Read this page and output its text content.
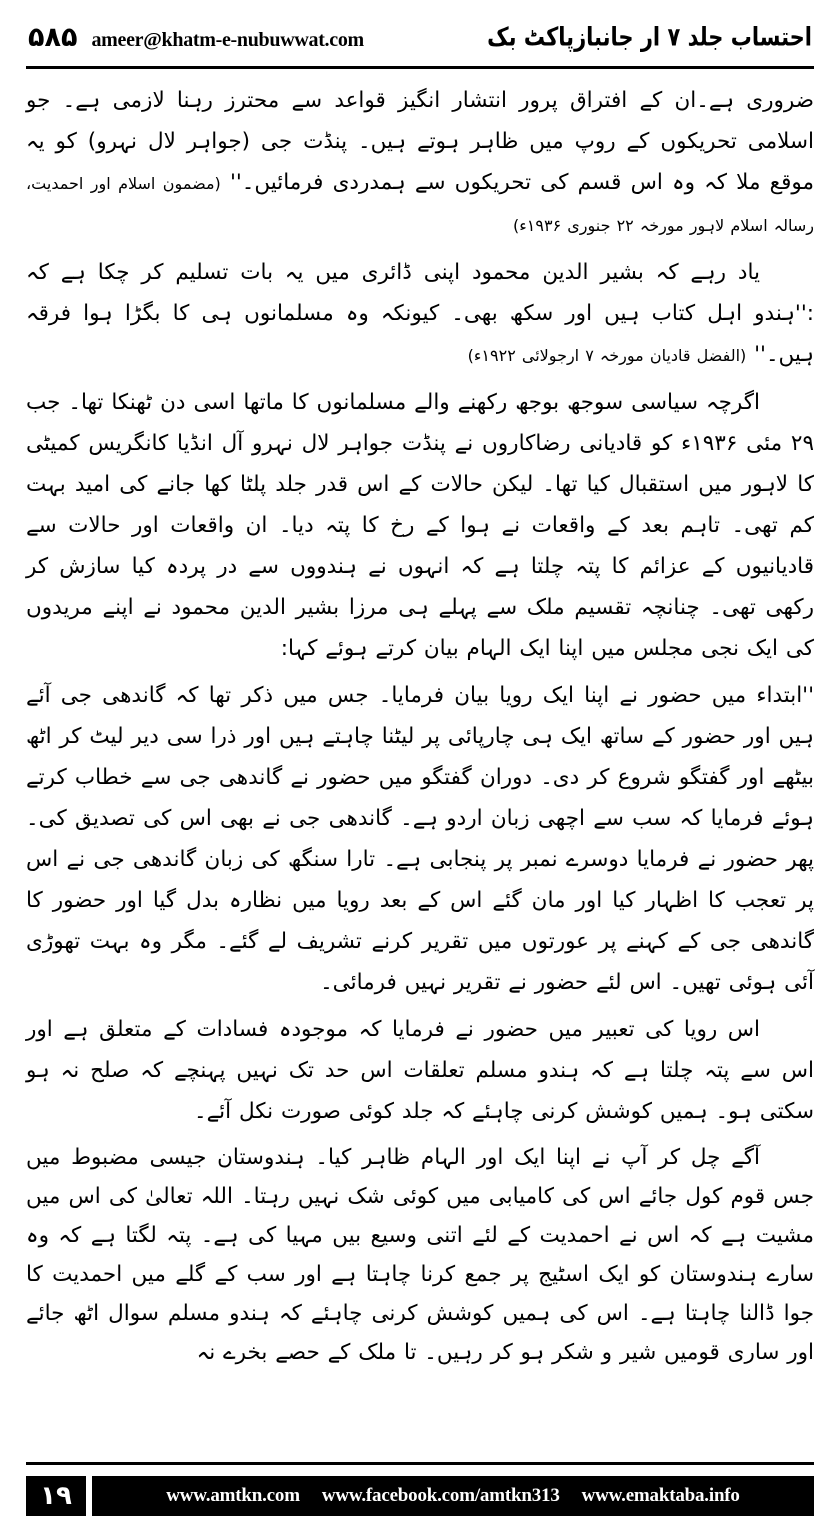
احتساب جلد ۷ ار جانبازپاکٹ بک
۵۸۵ ameer@khatm-e-nubuwwat.com

ضروری ہے۔ان کے افتراق پرور انتشار انگیز قواعد سے محترز رہنا لازمی ہے۔ جو اسلامی تحریکوں کے روپ میں ظاہر ہوتے ہیں۔ پنڈت جی (جواہر لال نہرو) کو یہ موقع ملا کہ وہ اس قسم کی تحریکوں سے ہمدردی فرمائیں۔'' (مضمون اسلام اور احمدیت، رسالہ اسلام لاہور مورخہ ۲۲ جنوری ۱۹۳۶ء)

یاد رہے کہ بشیر الدین محمود اپنی ڈائری میں یہ بات تسلیم کر چکا ہے کہ :''ہندو اہل کتاب ہیں اور سکھ بھی۔ کیونکہ وہ مسلمانوں ہی کا بگڑا ہوا فرقہ ہیں۔'' (الفضل قادیان مورخہ ۷ ارجولائی ۱۹۲۲ء)

اگرچہ سیاسی سوجھ بوجھ رکھنے والے مسلمانوں کا ماتھا اسی دن ٹھنکا تھا۔ جب ۲۹ مئی ۱۹۳۶ء کو قادیانی رضاکاروں نے پنڈت جواہر لال نہرو آل انڈیا کانگریس کمیٹی کا لاہور میں استقبال کیا تھا۔ لیکن حالات کے اس قدر جلد پلٹا کھا جانے کی امید بہت کم تھی۔ تاہم بعد کے واقعات نے ہوا کے رخ کا پتہ دیا۔ ان واقعات اور حالات سے قادیانیوں کے عزائم کا پتہ چلتا ہے کہ انہوں نے ہندووں سے در پردہ کیا سازش کر رکھی تھی۔ چنانچہ تقسیم ملک سے پہلے ہی مرزا بشیر الدین محمود نے اپنے مریدوں کی ایک نجی مجلس میں اپنا ایک الہام بیان کرتے ہوئے کہا:

''ابتداء میں حضور نے اپنا ایک رویا بیان فرمایا۔ جس میں ذکر تھا کہ گاندھی جی آئے ہیں اور حضور کے ساتھ ایک ہی چارپائی پر لیٹنا چاہتے ہیں اور ذرا سی دیر لیٹ کر اٹھ بیٹھے اور گفتگو شروع کر دی۔ دوران گفتگو میں حضور نے گاندھی جی سے خطاب کرتے ہوئے فرمایا کہ سب سے اچھی زبان اردو ہے۔ گاندھی جی نے بھی اس کی تصدیق کی۔ پھر حضور نے فرمایا دوسرے نمبر پر پنجابی ہے۔ تارا سنگھ کی زبان گاندھی جی نے اس پر تعجب کا اظہار کیا اور مان گئے اس کے بعد رویا میں نظارہ بدل گیا اور حضور کا گاندھی جی کے کہنے پر عورتوں میں تقریر کرنے تشریف لے گئے۔ مگر وہ بہت تھوڑی آئی ہوئی تھیں۔ اس لئے حضور نے تقریر نہیں فرمائی۔

اس رویا کی تعبیر میں حضور نے فرمایا کہ موجودہ فسادات کے متعلق ہے اور اس سے پتہ چلتا ہے کہ ہندو مسلم تعلقات اس حد تک نہیں پہنچے کہ صلح نہ ہو سکتی ہو۔ ہمیں کوشش کرنی چاہئے کہ جلد کوئی صورت نکل آئے۔

آگے چل کر آپ نے اپنا ایک اور الہام ظاہر کیا۔ ہندوستان جیسی مضبوط میں جس قوم کول جائے اس کی کامیابی میں کوئی شک نہیں رہتا۔ اللہ تعالیٰ کی اس میں مشیت ہے کہ اس نے احمدیت کے لئے اتنی وسیع بیں مہیا کی ہے۔ پتہ لگتا ہے کہ وہ سارے ہندوستان کو ایک اسٹیج پر جمع کرنا چاہتا ہے اور سب کے گلے میں احمدیت کا جوا ڈالنا چاہتا ہے۔ اس کی ہمیں کوشش کرنی چاہئے کہ ہندو مسلم سوال اٹھ جائے اور ساری قومیں شیر و شکر ہو کر رہیں۔ تا ملک کے حصے بخرے نہ

۱۹	www.amtkn.com www.facebook.com/amtkn313 www.emaktaba.info
